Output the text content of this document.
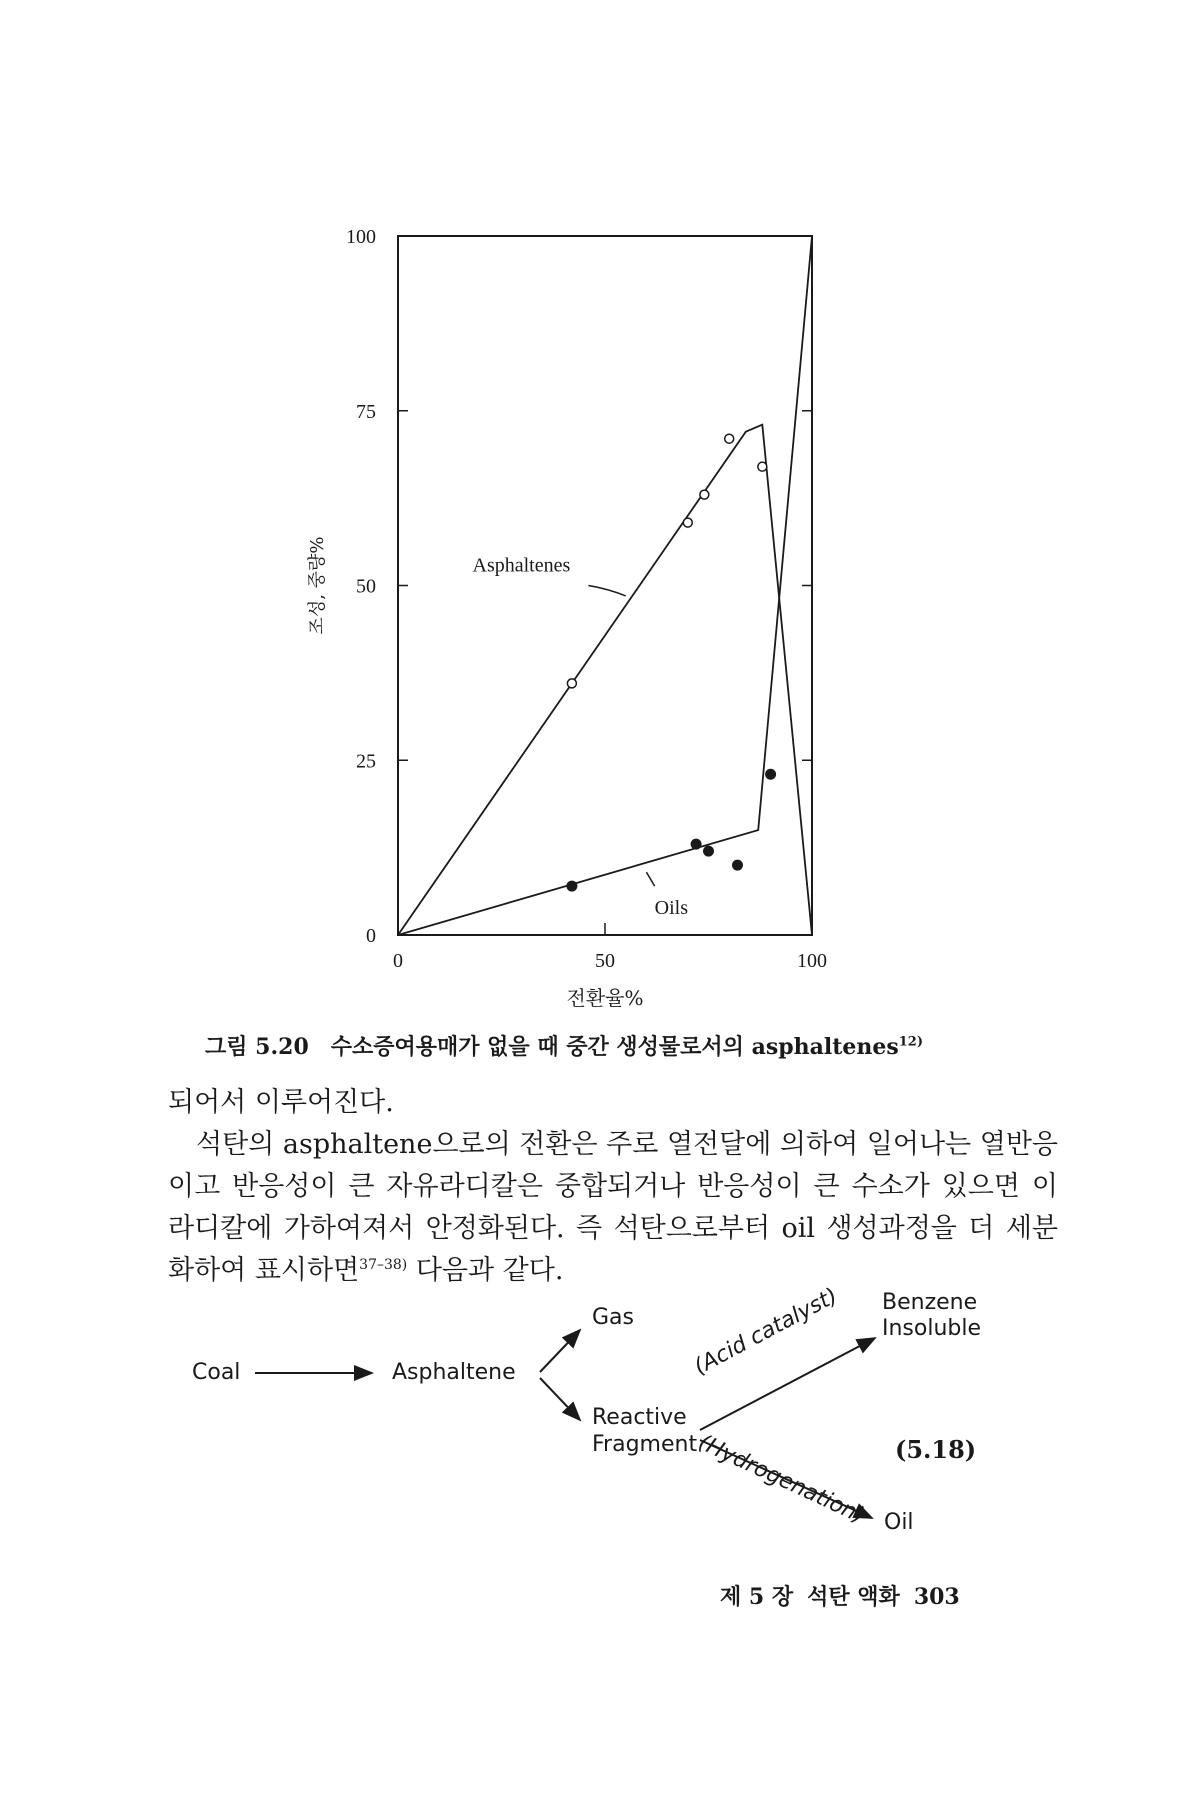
0
25
50
75
100
0	50	100
전환율%
조성, 중량%	Asphaltenes
Oils
그림 5.20 수소증여용매가 없을 때 중간 생성물로서의 asphaltenes$^{12)}$

되어서 이루어진다.

석탄의 asphaltene으로의 전환은 주로 열전달에 의하여 일어나는 열반응이고 반응성이 큰 자유라디칼은 중합되거나 반응성이 큰 수소가 있으면 이 라디칼에 가하여져서 안정화된다. 즉 석탄으로부터 oil 생성과정을 더 세분화하여 표시하면$^{37-38)}$ 다음과 같다.

Coal	Asphaltene
Gas
Reactive
Fragment
Benzene
Insoluble
(Acid catalyst)
(Hydrogenation) Oil
(5.18)
제 5 장 석탄 액화 303
